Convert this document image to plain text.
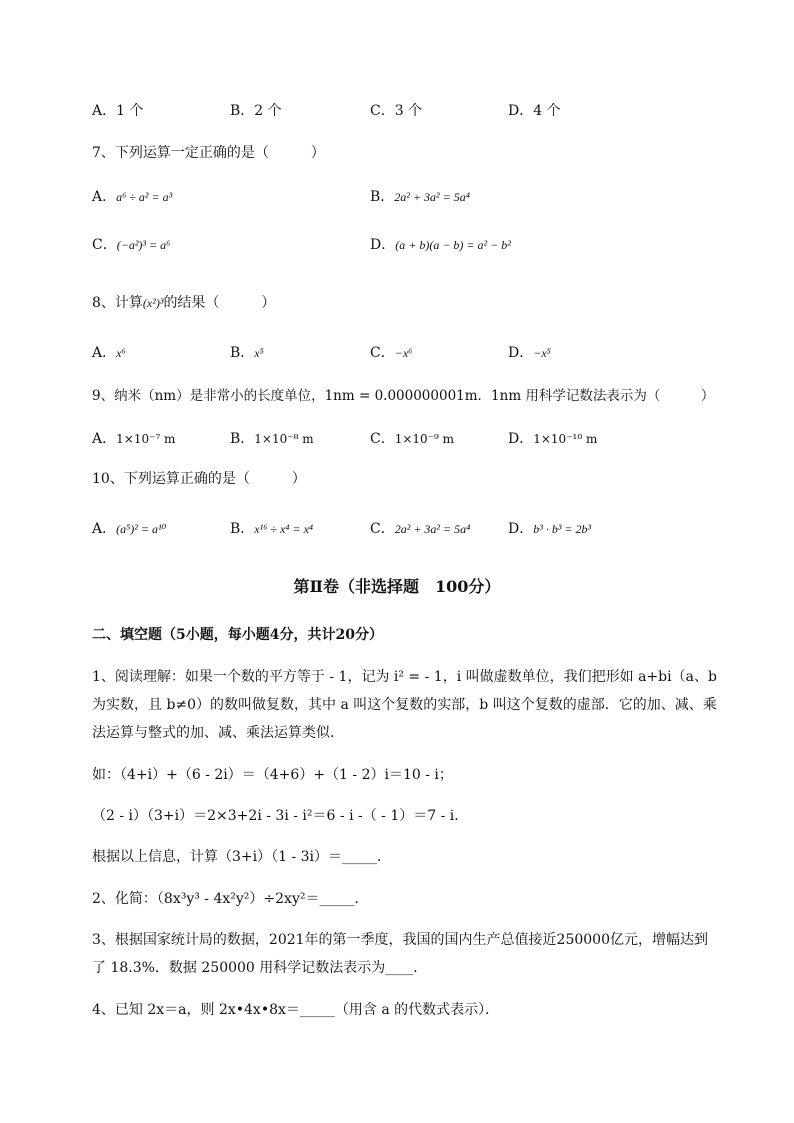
A．1 个	B．2 个	C．3 个	D．4 个
7、下列运算一定正确的是（　　　）
A．a⁶ ÷ a² = a³	B．2a² + 3a² = 5a⁴
C．(−a²)³ = a⁶	D．(a + b)(a − b) = a² − b²
8、计算(x²)³的结果（　　　）
A．x⁶	B．x⁵	C．−x⁶	D．−x⁵
9、纳米（nm）是非常小的长度单位，1nm = 0.000000001m．1nm 用科学记数法表示为（　　　）
A．1×10⁻⁷ m	B．1×10⁻⁸ m	C．1×10⁻⁹ m	D．1×10⁻¹⁰ m
10、下列运算正确的是（　　　）
A．(a⁵)² = a¹⁰	B．x¹⁶ ÷ x⁴ = x⁴	C．2a² + 3a² = 5a⁴	D．b³ · b³ = 2b³
第Ⅱ卷（非选择题　100分）
二、填空题（5小题，每小题4分，共计20分）
1、阅读理解：如果一个数的平方等于 - 1，记为 i² = - 1，i 叫做虚数单位，我们把形如 a+bi（a、b
为实数，且 b≠0）的数叫做复数，其中 a 叫这个复数的实部，b 叫这个复数的虚部．它的加、减、乘
法运算与整式的加、减、乘法运算类似．
如：（4+i）+（6 - 2i）＝（4+6）+（1 - 2）i＝10 - i；
（2 - i）（3+i）＝2×3+2i - 3i - i²＝6 - i -（ - 1）＝7 - i．
根据以上信息，计算（3+i）（1 - 3i）＝_____．
2、化简：（8x³y³ - 4x²y²）÷2xy²＝_____．
3、根据国家统计局的数据，2021年的第一季度，我国的国内生产总值接近250000亿元，增幅达到
了 18.3%．数据 250000 用科学记数法表示为____．
4、已知 2x＝a，则 2x•4x•8x＝_____（用含 a 的代数式表示）．
